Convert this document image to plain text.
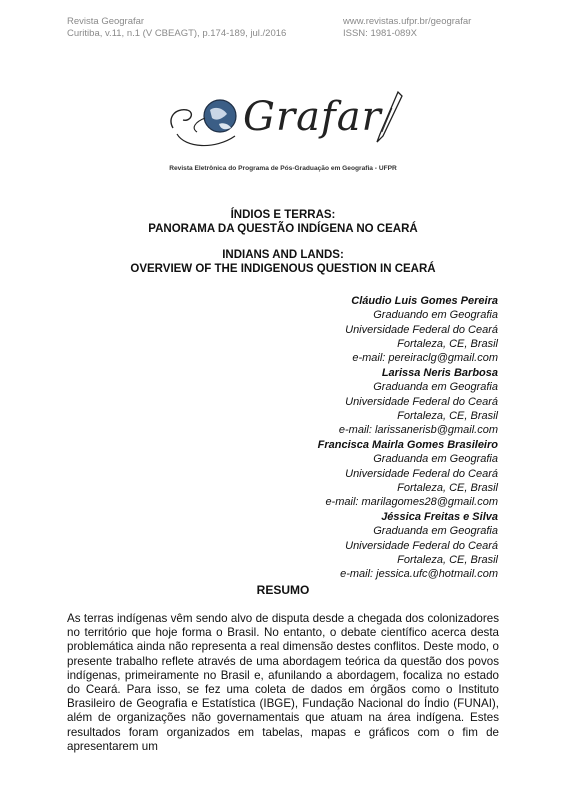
Revista Geografar
Curitiba, v.11, n.1 (V CBEAGT), p.174-189, jul./2016
www.revistas.ufpr.br/geografar
ISSN: 1981-089X
Grafar
Revista Eletrônica do Programa de Pós-Graduação em Geografia - UFPR
ÍNDIOS E TERRAS:
PANORAMA DA QUESTÃO INDÍGENA NO CEARÁ
INDIANS AND LANDS:
OVERVIEW OF THE INDIGENOUS QUESTION IN CEARÁ
Cláudio Luis Gomes Pereira
Graduando em Geografia
Universidade Federal do Ceará
Fortaleza, CE, Brasil
e-mail: pereiraclg@gmail.com
Larissa Neris Barbosa
Graduanda em Geografia
Universidade Federal do Ceará
Fortaleza, CE, Brasil
e-mail: larissanerisb@gmail.com
Francisca Mairla Gomes Brasileiro
Graduanda em Geografia
Universidade Federal do Ceará
Fortaleza, CE, Brasil
e-mail: marilagomes28@gmail.com
Jéssica Freitas e Silva
Graduanda em Geografia
Universidade Federal do Ceará
Fortaleza, CE, Brasil
e-mail: jessica.ufc@hotmail.com
RESUMO
As terras indígenas vêm sendo alvo de disputa desde a chegada dos colonizadores no território que hoje forma o Brasil. No entanto, o debate científico acerca desta problemática ainda não representa a real dimensão destes conflitos. Deste modo, o presente trabalho reflete através de uma abordagem teórica da questão dos povos indígenas, primeiramente no Brasil e, afunilando a abordagem, focaliza no estado do Ceará. Para isso, se fez uma coleta de dados em órgãos como o Instituto Brasileiro de Geografia e Estatística (IBGE), Fundação Nacional do Índio (FUNAI), além de organizações não governamentais que atuam na área indígena. Estes resultados foram organizados em tabelas, mapas e gráficos com o fim de apresentarem um
